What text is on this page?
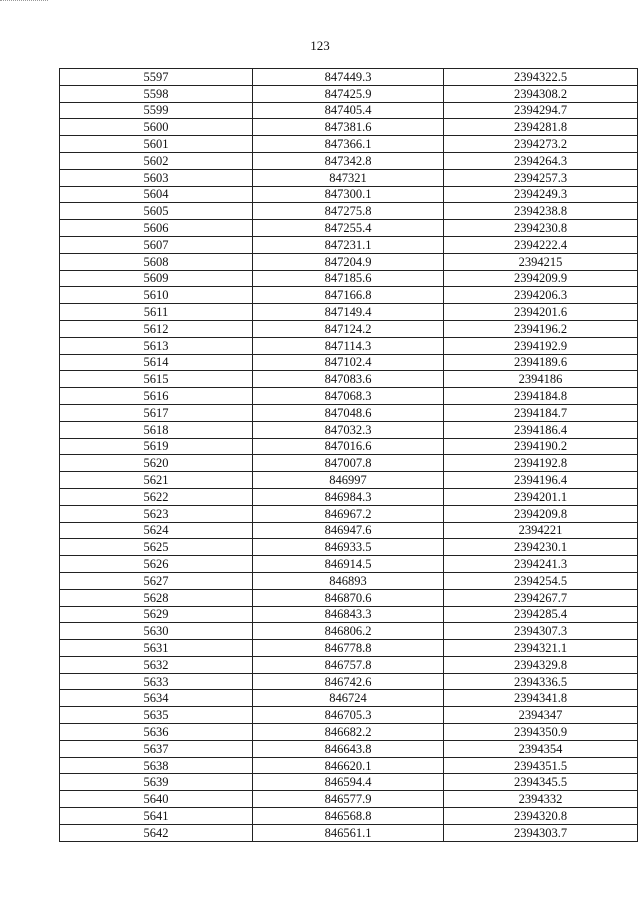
123
5597	847449.3	2394322.5
5598	847425.9	2394308.2
5599	847405.4	2394294.7
5600	847381.6	2394281.8
5601	847366.1	2394273.2
5602	847342.8	2394264.3
5603	847321	2394257.3
5604	847300.1	2394249.3
5605	847275.8	2394238.8
5606	847255.4	2394230.8
5607	847231.1	2394222.4
5608	847204.9	2394215
5609	847185.6	2394209.9
5610	847166.8	2394206.3
5611	847149.4	2394201.6
5612	847124.2	2394196.2
5613	847114.3	2394192.9
5614	847102.4	2394189.6
5615	847083.6	2394186
5616	847068.3	2394184.8
5617	847048.6	2394184.7
5618	847032.3	2394186.4
5619	847016.6	2394190.2
5620	847007.8	2394192.8
5621	846997	2394196.4
5622	846984.3	2394201.1
5623	846967.2	2394209.8
5624	846947.6	2394221
5625	846933.5	2394230.1
5626	846914.5	2394241.3
5627	846893	2394254.5
5628	846870.6	2394267.7
5629	846843.3	2394285.4
5630	846806.2	2394307.3
5631	846778.8	2394321.1
5632	846757.8	2394329.8
5633	846742.6	2394336.5
5634	846724	2394341.8
5635	846705.3	2394347
5636	846682.2	2394350.9
5637	846643.8	2394354
5638	846620.1	2394351.5
5639	846594.4	2394345.5
5640	846577.9	2394332
5641	846568.8	2394320.8
5642	846561.1	2394303.7
